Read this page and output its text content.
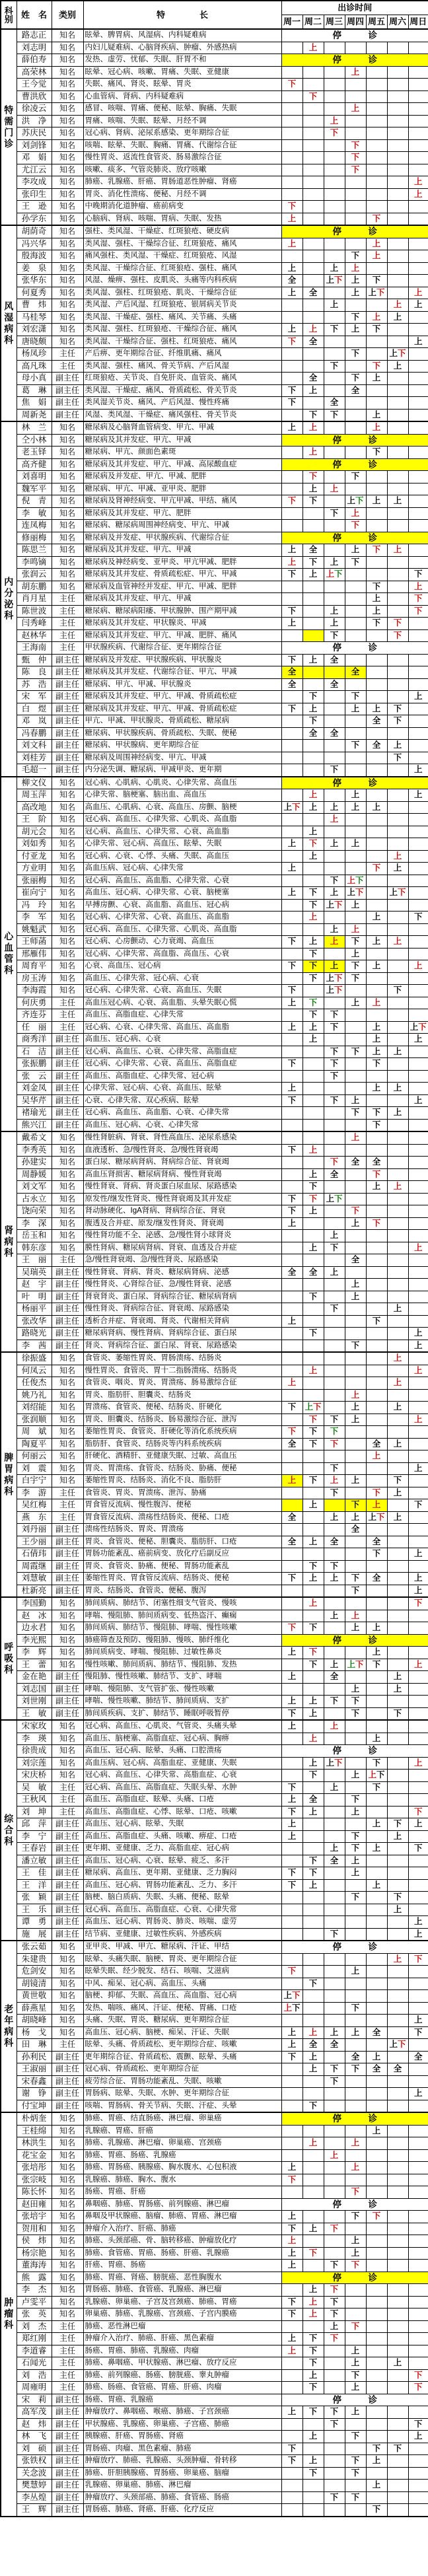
科别	姓　名	类别	特　　　　长	出诊时间						
				周一	周二	周三	周四	周五	周六	周日

特需门诊	路志正	知名	眩晕、脾胃病、风湿病、内科疑难病	停　　　诊						
	刘志明	知名	内妇儿疑难病、心脑肾疾病、肿瘤、外感热病		上					
	薛伯寿	知名	发热、虚劳、忧郁、失眠、肝胃不和	停　　　诊						
	高荣林	知名	眩晕、冠心病、咳嗽、胃痛、失眠、亚健康				上			
	王今觉	知名	失眠、痛风、肾炎、眩晕、胃炎	下						
	曹洪欣	知名	心血管病、肾病、内科疑难病		下					
	徐凌云	知名	感冒、咳喘、胃痛、便秘、眩晕、胸痛、失眠				上			
	洪　净	知名	胃痛、咳喘、失眠、眩晕、月经不调			上				
	苏庆民	知名	冠心病、肾病、泌尿系感染、更年期综合征			下				
	刘剑锋	知名	咳喘、眩晕、失眠、胸痛、胃痛、代谢综合征				下			
	邓　娟	知名	慢性胃炎、返流性食管炎、肠易激综合征				下			
	尤江云	知名	咳嗽、痰多、气管炎肺炎、放疗咳嗽				下			
	李攻成	知名	肺癌、乳腺癌、肝癌、胃肠道恶性肿瘤、肾癌							上
	张印生	知名	胃炎、消化性溃疡、便秘、月经不调							上
	王　逊	知名	中晚期消化道肿瘤、癌前病变	下						
	孙学东	知名	心脑病、肾病、咳喘、胃病、失眠、发热	上				下		

风湿病科	胡荫奇	知名	强柱、类风湿、干燥症、红斑狼疮、硬皮病	停　　　诊						
	冯兴华	知名	类风湿、强柱、干燥综合征、红斑狼疮、痛风	上				上		
	殷海波	知名	痛风强柱、类风湿、干燥症、红斑狼疮、风湿				下	上		
	姜　泉	知名	类风湿、干燥综合征、红斑狼疮、强柱、痛风	上		上	上			
	张华东	知名	风湿、燥痹、强柱、皮肌炎、头痛等内科疾病	全		上下	上	下		
	何夏秀	知名	类风湿、强柱、红斑狼疮、肌炎、干燥综合征	上	全		上	上下		上
	曹　炜	知名	类风湿、产后风湿、红斑狼疮、银屑病关节炎			上			上	上
	马桂琴	知名	类风湿、干燥症、强柱、痛风、关节痛、头痛				下	上	上	
	刘宏潇	知名	类风湿、强柱、红斑狼疮、干燥综合征、痛风	上	上	下	上	下		
	唐晓颇	知名	类风湿、干燥综合征、强柱、红斑狼疮、痛风	下	全					上
	杨凤珍	主任	产后痹、更年期综合征、纤维肌痛、痛风				下		上下	
	高凡珠	主任	类风湿、强柱、痛风、骨关节病、产后风湿			下		下	上	
	母小真	副主任	红斑狼疮、关节炎、自免肝炎、血管炎、痛风		全		下	上		
	葛　琳	副主任	类风湿、干燥症、痛风、骨质疏松、骨关节炎	下	上		全			
	焦　娟	副主任	类风湿关节炎、痛风、产后风湿、慢性疼痛	下		全				
	周新尧	副主任	风湿、类风湿、干燥症、痛风强柱、骨关节炎		下	下		上		

内分泌科	林　兰	知名	糖尿病及心脑肾血管病变、甲亢、甲减	上	上			上		
	仝小林	知名	糖尿病及其并发症、甲亢、甲减	停　　　诊						
	老玉铎	知名	糖尿病、甲亢、颜面色素斑		上			下		
	高齐健	知名	糖尿病及其并发症、甲亢、甲减、高尿酸血症	停　　　诊						
	刘喜明	知名	糖尿病及并发症、甲亢、甲减、肥胖		下		下			
	魏军平	知名	糖尿病、甲亢、甲减、亚甲炎、肥胖		上	上				
	倪　青	知名	糖尿病及肾神经病变、甲亢甲减、甲结、痛风	下	下		上下	上	上	
	李　敏	知名	糖尿病及其并发症、甲亢、肥胖			下	上			
	连凤梅	知名	糖尿病、糖尿病周围神经病变、甲亢、甲减				下			
	修丽梅	知名	糖尿病及并发症、甲状腺疾病、代谢综合征	停　　　诊						
	陈思兰	知名	糖尿病及其并发症、甲亢、甲减	上	全		上	下	上	
	李鸣镝	知名	糖尿病及神经病变、亚甲炎、甲亢甲减、肥胖	上	下	上	下			
	张润云	知名	糖尿病及其并发症、骨质疏松症、甲亢、甲减	下	上	上下				下
	胡东鹏	知名	糖尿病及血管神经并发症、甲亢、甲减、肥胖					下		上
	肖月星	主任	糖尿病及其并发症、甲亢、甲减					上		下
	陈世波	主任	糖尿病、糖尿病阳痿、甲状腺肿、围产期甲减	下		上		上		下
	闫秀峰	主任	糖尿病及其并发症、甲状腺炎、甲减	上		上		下	下	
	赵林华	主任	糖尿病及其并发症、甲亢、甲减、肥胖、痛风			下			下	
	王海南	主任	甲状腺疾病、代谢综合征、更年期综合征	停　　　诊						
	甄　仲	副主任	糖尿病及并发症、甲状腺疾病、甲状腺炎	下	上	全				
	陈　良	副主任	糖尿病及其并发症、代谢综合征、甲亢、甲减	全			全			
	苏　浩	副主任	糖尿病、甲亢、甲减、甲状腺炎	全		全				
	宋　军	副主任	糖尿病及其并发症、甲亢、甲减、骨质疏松症		下		下			上
	白　煜	副主任	糖尿病及其并发症、甲亢、甲减、骨质疏松症	下	上		上	上	下	
	邓　岚	副主任	甲亢、甲减、甲状腺炎、骨质疏松、糖尿病		下			全	下	
	冯春鹏	副主任	糖尿病、甲状腺疾病、骨质疏松、失眠、便秘		全	全				
	刘文科	副主任	糖尿病、甲状腺病、更年期综合征				下	全	上	
	刘桂芳	副主任	糖尿病及周围神经病变、甲亢、甲减						下	
	毛超一	副主任	内分泌失调、糖尿病、甲减甲炎、更年期			下				上

心血管科	柳文仪	知名	冠心病、心肌病、心肌炎、心律失常、高血压	停　　　诊						
	周玉萍	知名	心律失常、脑梗塞、脑出血、高血压		上		上			上
	高改地	知名	高血压、心肌病、心衰、高血压、房颤、脑梗	上下	上	上	上	上		
	王　阶	知名	冠心病、高血压、心律失常、心肌炎、高血脂			上				
	胡元会	知名	冠心病、高血压、心律失常、心衰、高血脂		上					
	刘如秀	知名	心律失常、冠心病、高血压、眩晕、失眠	上	下	上	上			
	付亚龙	知名	冠心病、心衰、心悸、头痛、失眠、高血压		上				上	
	方业明	知名	高血压病、冠心病、心律失常	上				下	上	
	张丽梅	知名	冠心病、高血压、高血脂、心律失常、心衰			下	上下			
	崔向宁	知名	高血压、冠心病、心律失常、心衰、脑梗塞	上	下	上	上下		上下	
	冯　玲	知名	早搏房颤、心衰、高血脂、高血压、冠心病		下	上下	上			
	李　军	知名	冠心病、心律失常、心衰、高血压、高血脂		上			上		下
	姚魁武	知名	冠心病、高血压、心律失常、心肌炎、高血脂			上	上			
	王师菡	知名	冠心病、心房颤动、心力衰竭、高血压	下	上	上	下	上	上	
	邢雁伟	知名	冠心病、心律失常、高血脂、高血压、心衰		下		上			
	周育平	知名	心衰、高血压、冠心病	下	下	上	下	上		上
	房玉涛	知名	高血压、心律失常、冠心病、心衰		下	上下	下			
	李海霞	知名	冠心病、心律失常、心衰、高血压、失眠	下		上下			下	
	何庆勇	主任	高血压冠心病、心衰、高血脂、头晕失眠心慌	上	下		上	上		
	齐连芬	主任	高血压、高脂血症、心律失常		下	下				
	任　丽	主任	冠心病、心衰、心律失常、高血压、高血脂	上	上	下		上		上下
	商秀洋	副主任	高血压、冠心病、心衰		上			上		上
	石　洁	副主任	冠心病、高血压、心衰、心律失常、高脂血症			下	下	上	上	
	张振鹏	副主任	冠心病、心律失常、心衰、高血压、高脂血症	下		下		下		
	张　云	副主任	高血压、高脂血症、心律失常、冠心病			下				
	刘金凤	副主任	心律失常、冠心病、心衰、高血压、眩晕	上				上	上	
	吴华芹	副主任	心衰、心律失常、双心疾病、眩晕	下		下	上			上
	褚瑜光	副主任	冠心病、高血压、高血脂、心衰、心律失常				下	下	上	
	熊兴江	副主任	高血压、冠心病、心衰、心律失常					下		

肾病科	戴希文	知名	慢性肾脏病、肾衰、肾性高血压、泌尿系感染				上			
	李秀英	知名	血液透析、急/慢性肾炎、急/慢性肾衰竭	下	上					
	孙建实	知名	蛋白尿、糖尿病肾病、肾病综合征、肾衰竭			下	全	全		
	周静媛	知名	高血压肾损害、糖尿病肾病、慢性肾衰竭		上	全		下		
	刘文军	知名	慢性肾衰、肾病、肾炎蛋白尿血尿、尿路感染		下			上	上	
	占永立	知名	原发性/继发性肾炎、慢性肾衰竭及其并发症	下	下	上下				
	饶向荣	知名	肾动脉硬化、IgA肾病、肾病综合征、肾衰	下	上		下			
	李　深	知名	腹透及合并症、原发/继发性肾炎、肾衰竭	上			上	下		
	岳玉和	知名	慢性肾功能不全、泌感、急/慢性肾小球肾炎			上				
	韩东彦	知名	膜性肾病、糖尿病肾病、肾衰、血透及合并症		上	下				上
	王　丽	主任	急/慢性肾衰竭、急/慢性肾炎、尿路感染				全			
	吴瑞英	副主任	慢性肾衰、肾病、肾炎、糖尿病肾病、泌感	全	全	上				
	赵　宇	副主任	慢性肾炎、心肾综合征、急/慢性肾衰、泌感				上			
	叶　明	副主任	肾衰肾炎、蛋白尿、肾病综合征、糖尿病肾病		下		上			
	杨丽平	副主任	慢性肾炎、肾病综合征、肾衰竭、尿路感染			下			上	
	张改华	副主任	透析合并症、肾衰竭、肾炎、代谢相关肾病	上				下		
	路晓光	副主任	糖尿病肾病、慢性肾病、肾病综合征、蛋白尿		下					上
	李　茜	副主任	肾炎、肾病综合征、蛋白尿、肾衰、尿路感染				下			上

脾胃病科	徐振盛	知名	食管炎、萎缩性胃炎、胃肠溃疡、结肠炎						上	
	何凤云	知名	慢性胃炎、食管炎、胃十二指肠溃疡、结肠炎		上					上
	任俊杰	知名	食管炎、咽炎、胃炎、胃溃疡、肠易激综合征	上					上	
	姚乃礼	知名	胃炎、脂肪肝、胆囊炎、结肠炎				上			
	刘绍能	知名	胃溃疡、食管炎、便秘、结肠炎、肝硬化	下	上下		上		上	
	张润顺	知名	胃炎、胆囊炎、结肠炎、肠易激综合征、泄泻		下	下	上			上
	周　斌	知名	萎缩性胃炎、食管炎、肝硬化等消化系统疾病	下	下	下				
	陶夏平	知名	脂肪肝、食管炎、结肠炎等内科系统疾病	全	下	下		全	上	
	何丽云	知名	肝硬化、酒精肝、亚健康失眠、过敏、高血压					上		
	刘　震	知名	胃炎、胃溃疡、食管炎、结肠炎、胁痛、便秘			下				上
	白宇宁	知名	萎缩性胃炎、结肠炎、消化不良、脂肪肝	上	下	上	上		下	
	李　游	主任	食管炎、胃炎、胃溃疡、泄泻、胁痛			下		下	上	
	吴红梅	主任	胃食管反流病、慢性腹泻、便秘		上		下	上		下
	燕　东	主任	胃食管反流病、溃疡性结肠炎、便秘、口疮	全		上	上	上下	上	
	刘丹丽	副主任	溃疡性结肠炎、胃炎、胃溃疡				全			
	王少丽	副主任	胃炎、食管炎、便秘、胆囊炎、脂肪肝、口疮	全	上	全		全		
	石倩玮	副主任	胃肠功能紊乱、癌前病变、放化疗后副反应					下		上
	周霞继	副主任	胃炎、食管炎、胁痛、便秘、胃肠功能紊乱		下	下				
	刘慧敏	副主任	萎缩性胃炎、胃食管反流病、结肠炎、便秘	下	上	上	下	全		上
	杜新亮	副主任	胃炎、结肠炎、食管炎、便秘、腹泻				下			上

呼吸科	李国勤	知名	肺间质病、肺结节、闭塞性细支气管炎、慢咳		上					下
	赵　冰	知名	哮喘、慢阻肺、肺间质病变、低热盗汗、癫痫			上	上			
	边永君	知名	肺间质病、肺结节、慢阻肺、哮喘、慢性咳嗽	下	下		上	上		
	李光熙	知名	肺癌筛查及预防、慢阻肺、慢咳、肺纤维化	停　　　诊						
	李　辉	知名	肺间质病变、哮喘、慢阻肺、过敏性鼻炎	上	下			上		
	王　蕾	知名	慢性咳嗽、肺间质病、肺结节、慢阻肺、发热		下	上	上下	下		上
	金在艳	副主任	慢阻肺、慢性咳嗽、肺结节、支扩、哮喘	上		全			上	
	刘志国	副主任	哮喘、慢阻肺、支气管扩张、慢性咳嗽				上		上	
	刘世刚	副主任	哮喘、慢性咳嗽、肺结节、肺间质病、支扩	上	上	下	下			
	王　敏	副主任	肺间质疾病、支扩、肺结节、睡眠呼吸暂停	下	上		下		下	

综合科	宋家玫	知名	冠心病、高血压、心肌炎、气管炎、头痛头晕	上		上				
	李　瑛	知名	高血压、脑梗塞、高脂血症、冠心病、胸痹		上			上		
	徐贵成	知名	高血压、冠心病、眩晕、头痛、口腔溃疡	停　　　诊						
	刘宗莲	知名	高血压病、冠心病、高脂血症、亚健康、失眠		上	上下		下		上
	宋庆桥	知名	冠心病、高血压、心律失常、高脂血症、心衰		下		上	上下		
	吴　敏	主任	冠心病、高血压、高脂血症、失眠头晕、水肿	下		上		下		
	王秋风	主任	高血压、高脂血症、眩晕、头痛、口疮	上	全		下			
	刘　坤	主任	高血压、高脂血症、心悸、眩晕、口疮、咳嗽	下	上		上			下
	邱　萍	副主任	高血压、冠心病、眩晕、失眠	上				上	下	上
	李　宁	副主任	高血压、高脂血症、头痛、咳嗽、痹症、口疮	上			下		上	
	王春岩	副主任	更年期、亚健康、乏力、高脂血症、冠心病			上	下	上		下
	潘立敏	副主任	高血压、冠心病、心衰、眩晕、疲乏、多汗		下	全	上			
	王　佳	副主任	糖尿病、高血压、更年期、亚健康、乏力胸闷	下	下		上			
	王　洋	副主任	高血压、冠心病、胃肠功能紊乱、乏力、多汗	下	上			上		
	张　颖	副主任	脑梗、脑白质病、失眠、头痛、便秘、眩晕				下		下	
	王　乐	副主任	冠心病、高血压、高脂血症、心衰、心律失常						上	
	谭　勇	副主任	高血压、冠心病、胃肠炎、肺炎、咳喘、虚劳							上
	施　展	副主任	结节病、亚健康、过敏性疾病、外感疾病			下				上

老年病科	张云茹	知名	亚甲炎、甲减、甲亢、糖尿病、汗证、甲结	停　　　诊						
	朱建贵	知名	眩晕、头痛失眠、脑梗、胃炎、更年期综合征						上	下
	危剑安	知名	眩晕失眠、经少脱发、结石、咳喘、艾滋病	下			上			
	胡镜清	知名	中风、痴呆、冠心病、高血压、头痛		下					
	黄世敬	知名	脑梗、抑郁、失眠、高血压、高血脂、冠心病	上下						
	薛燕星	知名	发热、喘咳、痛风、汗证、便秘、胃痛、口疮	上下			下			
	胡晓峰	知名	头痛、失眠、胃炎、糖尿病、更年期综合征							上
	杨　戈	知名	高血压、冠心病、脑梗、痴呆、汗证、失眠	上	上	上	上	全		下
	田　琳	主任	眩晕、头痛、骨质疏松、更年期综合症、咳嗽	上	全	全			上下	
	孙利民	副主任	更年期综合征、骨质疏松、震颤、眩晕、头痛	下	上		全	上		全
	王淑丽	副主任	冠心病、骨质疏松、更年期综合征		上	下	下	全	全	
	宋春鑫	副主任	疲劳综合征、胃肠功能紊乱、失眠、咳嗽			下				
	谢　铮	副主任	胃肠病、眩晕、失眠、水肿、更年期综合征							上
	付宝坤	副主任	咳喘、胃肠病、骨关节病、失眠、汗症、头晕		下					

肿瘤科	朴炳奎	知名	肺癌、胃癌、结直肠癌、淋巴瘤、卵巢癌	停　　　诊						
	王桂绵	知名	乳腺癌、胃癌、肝癌					上		
	林洪生	知名	肺癌、乳腺癌、淋巴瘤、卵巢癌、宫颈癌		上		上			
	花宝金	知名	肺癌、胃癌、肠癌、乳腺癌			上				
	张培彤	知名	肺癌、胃肠癌、胰腺癌、胸水腹水、心包积液	上			上			
	张宗岐	知名	乳腺癌、肺癌、胸水、腹水	下						
	陈长怀	知名	肠癌、胃癌、肝癌				下			
	赵田雍	知名	鼻咽癌、肺癌、胃肠癌、前列腺癌、淋巴瘤	停　　　诊						
	张培宇	知名	鼻咽及甲状腺癌、脑瘤、肺癌、胃癌、淋巴瘤	上			下	下		
	贺用和	知名	肿瘤介入治疗、肝癌、肺癌	下	上	下				
	侯　炜	知名	肺癌、头颈部癌、骨、脑转移癌、肿瘤放化疗	上			上			
	杨宗艳	知名	肺癌、食管癌、胃癌、肠癌、肝癌、乳腺癌	上	下		上			
	董海涛	知名	肝癌、胃癌、肠癌	上		下	下			
	熊　露	知名	肺癌、胃癌、肾癌、膀胱癌、恶性胸腹水	停　　　诊						
	李　杰	知名	胃肠癌、肺癌、食管癌、乳腺癌、淋巴瘤		上	下				
	卢雯平	知名	乳腺癌、卵巢癌、子宫及宫颈癌、肺癌、胃癌	下	上	下				
	张　英	知名	卵巢癌、肺癌、乳腺癌、宫颈癌、子宫内膜癌	下	上	下				
	刘　杰	主任	肺癌、恶性淋巴瘤			上	下			
	郑红刚	主任	肿瘤介入治疗、肺癌、肝癌、黑色素瘤	上	下	下				
	李道睿	主任	肠癌、胃癌、肺癌、乳腺癌、肉瘤	上	下		上			
	石闻光	主任	肺癌、鼻咽癌、甲状腺癌、淋巴瘤、放疗反应		下		上		上	
	刘　浩	主任	肺癌、前列腺癌、肠癌、膀胱癌、睾丸肿瘤		上		下			下
	周雍明	主任	肺癌、肠癌、食管癌、胃癌、肝癌、肉瘤		下		上			下
	宋　莉	副主任	肠癌、胃癌、乳腺癌	停　　　诊						
	高军茂	副主任	肿瘤放疗、鼻咽癌、喉癌、肺癌、子宫颈癌	上	下	下	上			
	赵　炜	副主任	甲状腺癌、乳腺癌、卵巢癌、子宫癌、肺癌			下				下
	林　飞	副主任	胰腺癌、肝癌、胃肠癌、肾癌		上		下			上
	刘　硕	副主任	胃肠癌、肉瘤、黑色素瘤、肺癌	下				下	下	
	张铁权	副主任	肿瘤放疗、肺癌、乳腺癌、头颈肿瘤、骨转移	下	上		下	上		
	关念波	副主任	肺癌、肝胆胰腺癌、胃肠癌、卵巢癌、脑瘤		下		下			
	樊慧婷	副主任	乳腺癌、卵巢癌、肺癌、淋巴瘤					上		
	李丛煌	副主任	肿瘤放疗、头颈部癌、肺癌、食管癌、肠癌			下	下			
	王　辉	副主任	胃肠癌、肺癌、肾癌、肝癌、化疗反应					下		
